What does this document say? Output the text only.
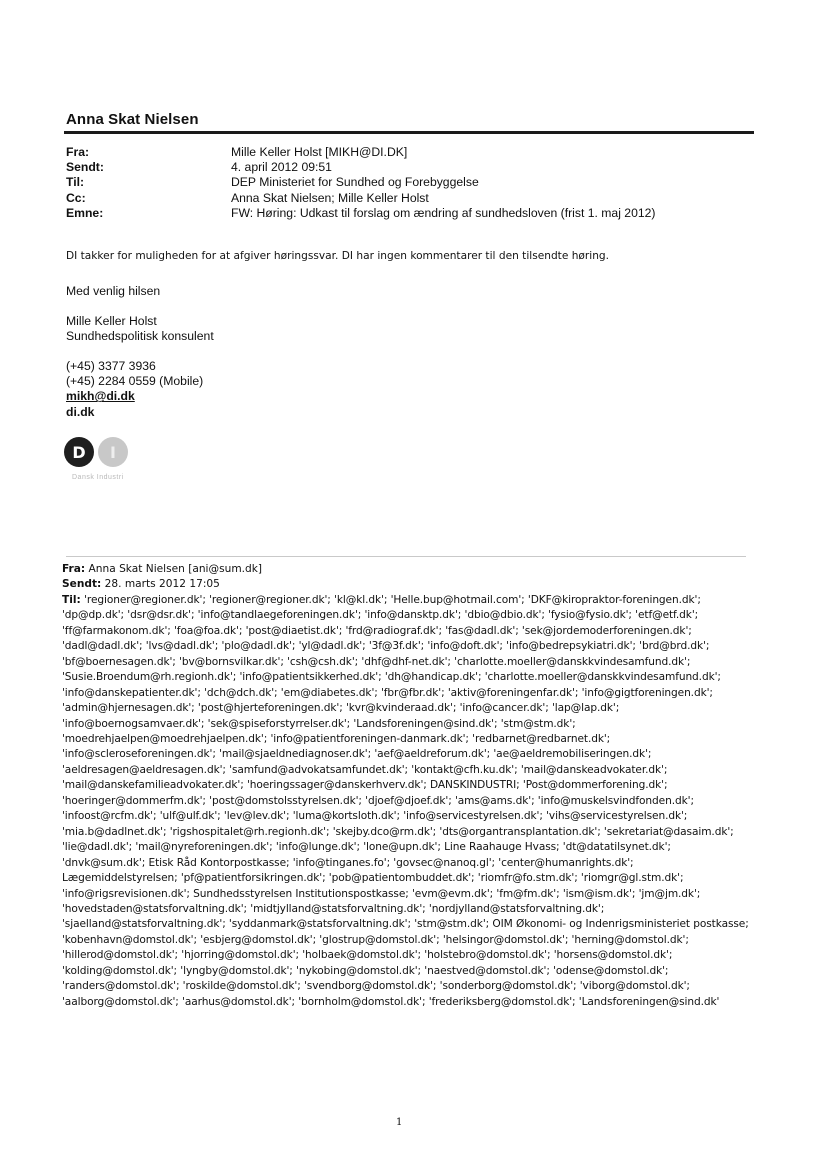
Anna Skat Nielsen
Fra:	Mille Keller Holst [MIKH@DI.DK]
Sendt:	4. april 2012 09:51
Til:	DEP Ministeriet for Sundhed og Forebyggelse
Cc:	Anna Skat Nielsen; Mille Keller Holst
Emne:	FW: Høring: Udkast til forslag om ændring af sundhedsloven (frist 1. maj 2012)
DI takker for muligheden for at afgiver høringssvar. DI har ingen kommentarer til den tilsendte høring.
Med venlig hilsen
Mille Keller Holst
Sundhedspolitisk konsulent
(+45) 3377 3936
(+45) 2284 0559 (Mobile)
mikh@di.dk
di.dk
D	I
Dansk Industri
Fra: Anna Skat Nielsen [ani@sum.dk]
Sendt: 28. marts 2012 17:05
Til: 'regioner@regioner.dk'; 'regioner@regioner.dk'; 'kl@kl.dk'; 'Helle.bup@hotmail.com'; 'DKF@kiropraktor-foreningen.dk'; 'dp@dp.dk'; 'dsr@dsr.dk'; 'info@tandlaegeforeningen.dk'; 'info@dansktp.dk'; 'dbio@dbio.dk'; 'fysio@fysio.dk'; 'etf@etf.dk'; 'ff@farmakonom.dk'; 'foa@foa.dk'; 'post@diaetist.dk'; 'frd@radiograf.dk'; 'fas@dadl.dk'; 'sek@jordemoderforeningen.dk'; 'dadl@dadl.dk'; 'lvs@dadl.dk'; 'plo@dadl.dk'; 'yl@dadl.dk'; '3f@3f.dk'; 'info@doft.dk'; 'info@bedrepsykiatri.dk'; 'brd@brd.dk'; 'bf@boernesagen.dk'; 'bv@bornsvilkar.dk'; 'csh@csh.dk'; 'dhf@dhf-net.dk'; 'charlotte.moeller@danskkvindesamfund.dk'; 'Susie.Broendum@rh.regionh.dk'; 'info@patientsikkerhed.dk'; 'dh@handicap.dk'; 'charlotte.moeller@danskkvindesamfund.dk'; 'info@danskepatienter.dk'; 'dch@dch.dk'; 'em@diabetes.dk'; 'fbr@fbr.dk'; 'aktiv@foreningenfar.dk'; 'info@gigtforeningen.dk'; 'admin@hjernesagen.dk'; 'post@hjerteforeningen.dk'; 'kvr@kvinderaad.dk'; 'info@cancer.dk'; 'lap@lap.dk'; 'info@boernogsamvaer.dk'; 'sek@spiseforstyrrelser.dk'; 'Landsforeningen@sind.dk'; 'stm@stm.dk'; 'moedrehjaelpen@moedrehjaelpen.dk'; 'info@patientforeningen-danmark.dk'; 'redbarnet@redbarnet.dk'; 'info@scleroseforeningen.dk'; 'mail@sjaeldnediagnoser.dk'; 'aef@aeldreforum.dk'; 'ae@aeldremobiliseringen.dk'; 'aeldresagen@aeldresagen.dk'; 'samfund@advokatsamfundet.dk'; 'kontakt@cfh.ku.dk'; 'mail@danskeadvokater.dk'; 'mail@danskefamilieadvokater.dk'; 'hoeringssager@danskerhverv.dk'; DANSKINDUSTRI; 'Post@dommerforening.dk'; 'hoeringer@dommerfm.dk'; 'post@domstolsstyrelsen.dk'; 'djoef@djoef.dk'; 'ams@ams.dk'; 'info@muskelsvindfonden.dk'; 'infoost@rcfm.dk'; 'ulf@ulf.dk'; 'lev@lev.dk'; 'luma@kortsloth.dk'; 'info@servicestyrelsen.dk'; 'vihs@servicestyrelsen.dk'; 'mia.b@dadlnet.dk'; 'rigshospitalet@rh.regionh.dk'; 'skejby.dco@rm.dk'; 'dts@organtransplantation.dk'; 'sekretariat@dasaim.dk'; 'lie@dadl.dk'; 'mail@nyreforeningen.dk'; 'info@lunge.dk'; 'lone@upn.dk'; Line Raahauge Hvass; 'dt@datatilsynet.dk'; 'dnvk@sum.dk'; Etisk Råd Kontorpostkasse; 'info@tinganes.fo'; 'govsec@nanoq.gl'; 'center@humanrights.dk'; Lægemiddelstyrelsen; 'pf@patientforsikringen.dk'; 'pob@patientombuddet.dk'; 'riomfr@fo.stm.dk'; 'riomgr@gl.stm.dk'; 'info@rigsrevisionen.dk'; Sundhedsstyrelsen Institutionspostkasse; 'evm@evm.dk'; 'fm@fm.dk'; 'ism@ism.dk'; 'jm@jm.dk'; 'hovedstaden@statsforvaltning.dk'; 'midtjylland@statsforvaltning.dk'; 'nordjylland@statsforvaltning.dk'; 'sjaelland@statsforvaltning.dk'; 'syddanmark@statsforvaltning.dk'; 'stm@stm.dk'; OIM Økonomi- og Indenrigsministeriet postkasse; 'kobenhavn@domstol.dk'; 'esbjerg@domstol.dk'; 'glostrup@domstol.dk'; 'helsingor@domstol.dk'; 'herning@domstol.dk'; 'hillerod@domstol.dk'; 'hjorring@domstol.dk'; 'holbaek@domstol.dk'; 'holstebro@domstol.dk'; 'horsens@domstol.dk'; 'kolding@domstol.dk'; 'lyngby@domstol.dk'; 'nykobing@domstol.dk'; 'naestved@domstol.dk'; 'odense@domstol.dk'; 'randers@domstol.dk'; 'roskilde@domstol.dk'; 'svendborg@domstol.dk'; 'sonderborg@domstol.dk'; 'viborg@domstol.dk'; 'aalborg@domstol.dk'; 'aarhus@domstol.dk'; 'bornholm@domstol.dk'; 'frederiksberg@domstol.dk'; 'Landsforeningen@sind.dk'
1
